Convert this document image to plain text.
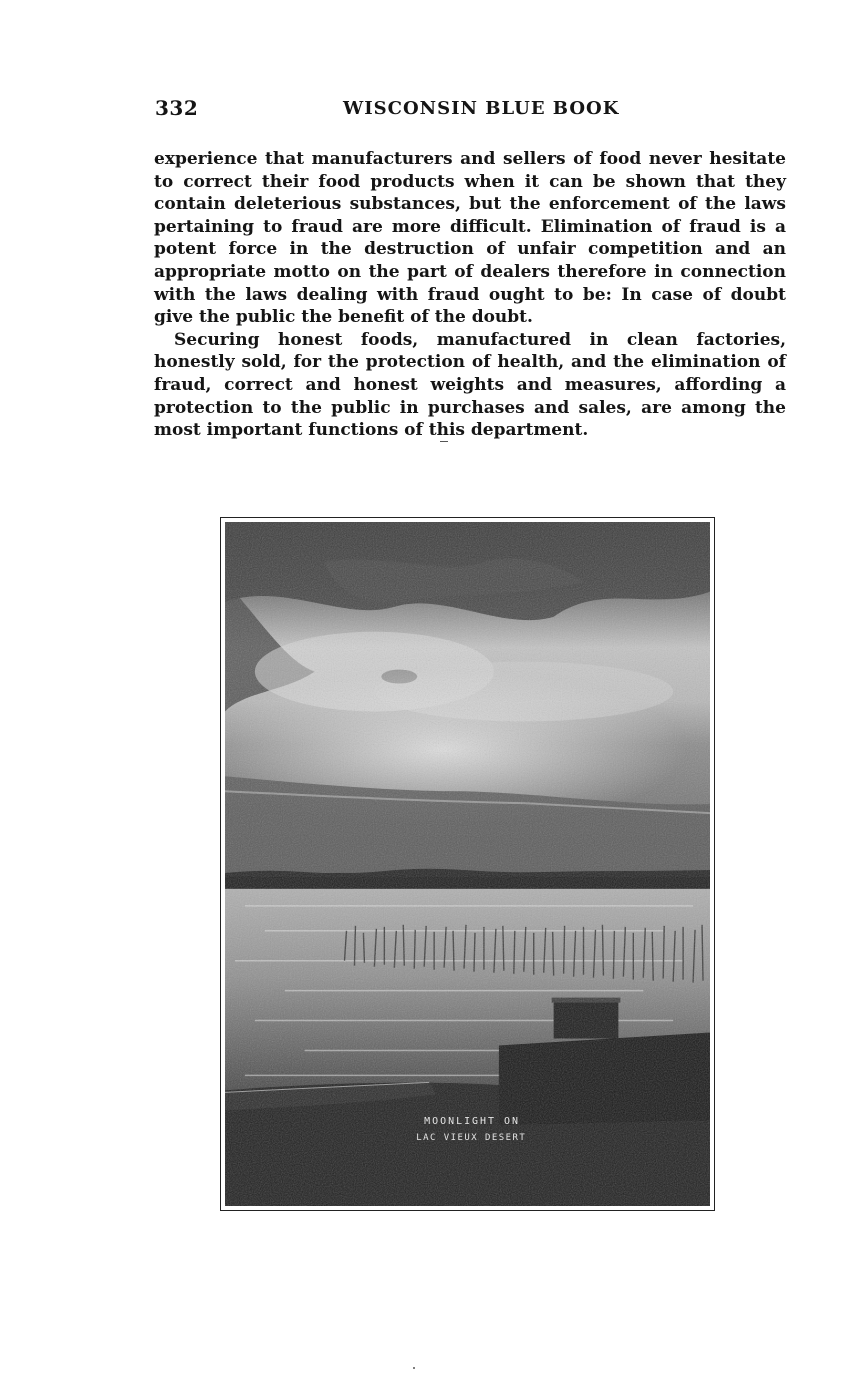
332	WISCONSIN BLUE BOOK

experience that manufacturers and sellers of food never hesitate to correct their food products when it can be shown that they contain deleterious substances, but the enforcement of the laws pertaining to fraud are more difficult. Elimination of fraud is a potent force in the destruction of unfair competition and an appropriate motto on the part of dealers therefore in connection with the laws dealing with fraud ought to be: In case of doubt give the public the benefit of the doubt.

Securing honest foods, manufactured in clean factories, honestly sold, for the protection of health, and the elimination of fraud, correct and honest weights and measures, affording a protection to the public in purchases and sales, are among the most important functions of this department.

MOONLIGHT ON
LAC VIEUX DESERT
